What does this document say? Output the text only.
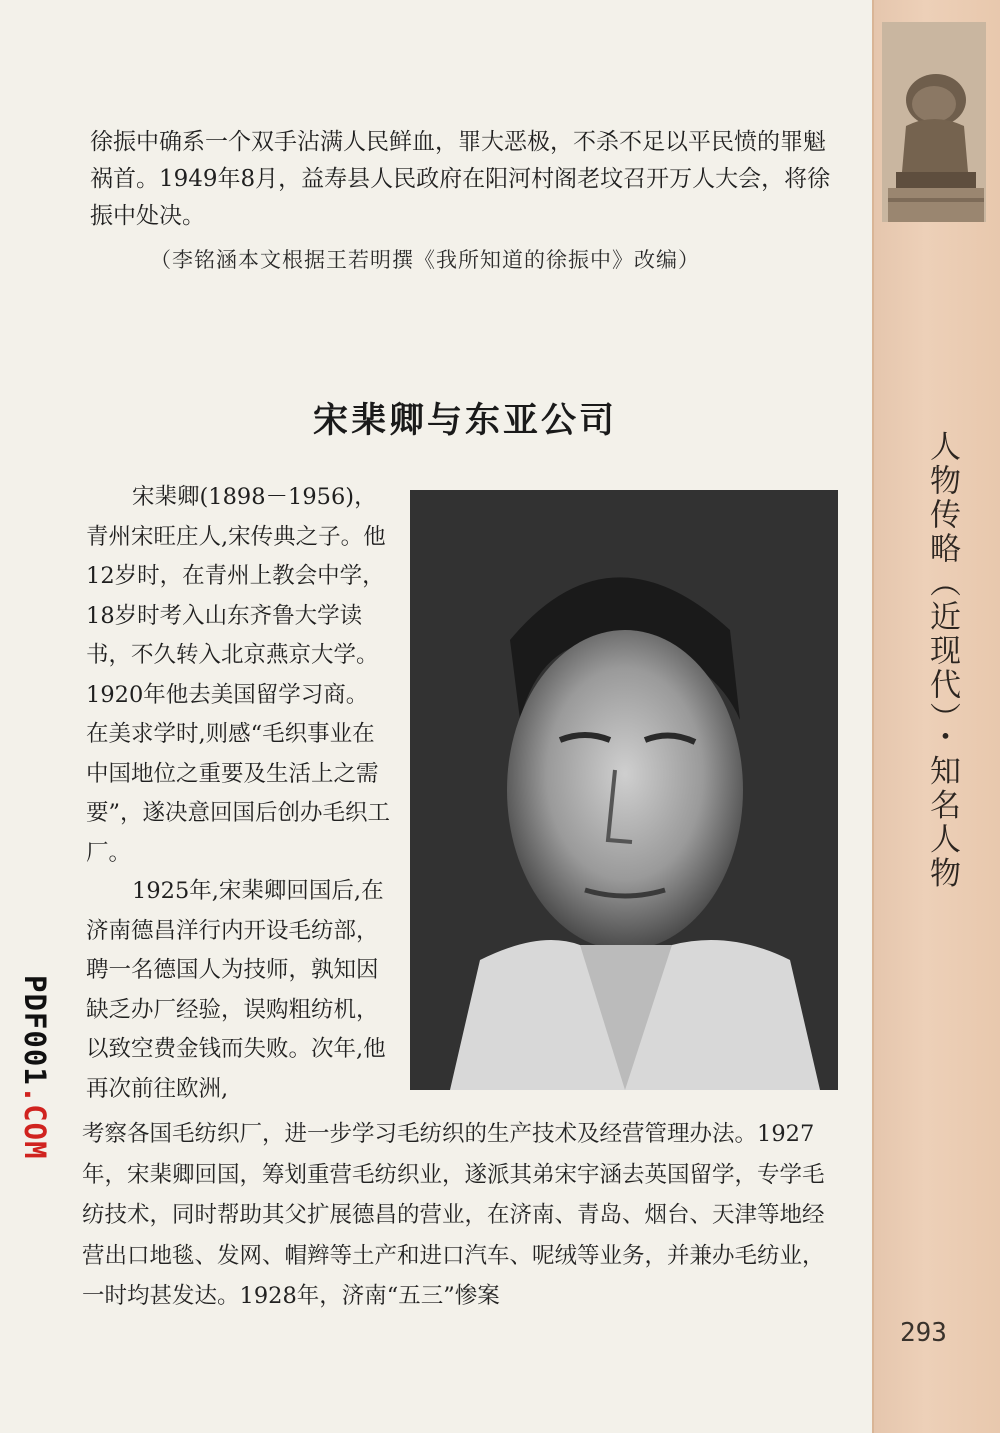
人物传略（近现代）・知名人物
293
PDF001.COM

徐振中确系一个双手沾满人民鲜血，罪大恶极，不杀不足以平民愤的罪魁祸首。1949年8月，益寿县人民政府在阳河村阁老坟召开万人大会，将徐振中处决。

（李铭涵本文根据王若明撰《我所知道的徐振中》改编）

宋棐卿与东亚公司

宋棐卿(1898－1956)，青州宋旺庄人,宋传典之子。他12岁时，在青州上教会中学，18岁时考入山东齐鲁大学读书，不久转入北京燕京大学。1920年他去美国留学习商。在美求学时,则感“毛织事业在中国地位之重要及生活上之需要”，遂决意回国后创办毛织工厂。

1925年,宋棐卿回国后,在济南德昌洋行内开设毛纺部，聘一名德国人为技师，孰知因缺乏办厂经验，误购粗纺机，以致空费金钱而失败。次年,他再次前往欧洲,

考察各国毛纺织厂，进一步学习毛纺织的生产技术及经营管理办法。1927年，宋棐卿回国，筹划重营毛纺织业，遂派其弟宋宇涵去英国留学，专学毛纺技术，同时帮助其父扩展德昌的营业，在济南、青岛、烟台、天津等地经营出口地毯、发网、帽辫等土产和进口汽车、呢绒等业务，并兼办毛纺业，一时均甚发达。1928年，济南“五三”惨案
